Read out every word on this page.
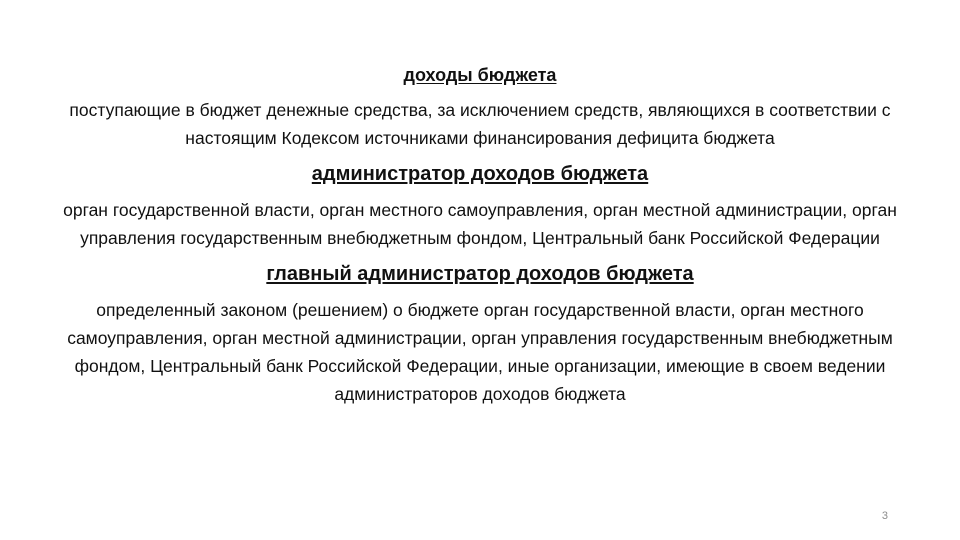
доходы бюджета

поступающие в бюджет денежные средства, за исключением средств, являющихся в соответствии с настоящим Кодексом источниками финансирования дефицита бюджета

администратор доходов бюджета

орган государственной власти, орган местного самоуправления, орган местной администрации, орган управления государственным внебюджетным фондом, Центральный банк Российской Федерации

главный администратор доходов бюджета

определенный законом (решением) о бюджете орган государственной власти, орган местного самоуправления, орган местной администрации, орган управления государственным внебюджетным фондом, Центральный банк Российской Федерации, иные организации, имеющие в своем ведении администраторов доходов бюджета

3
